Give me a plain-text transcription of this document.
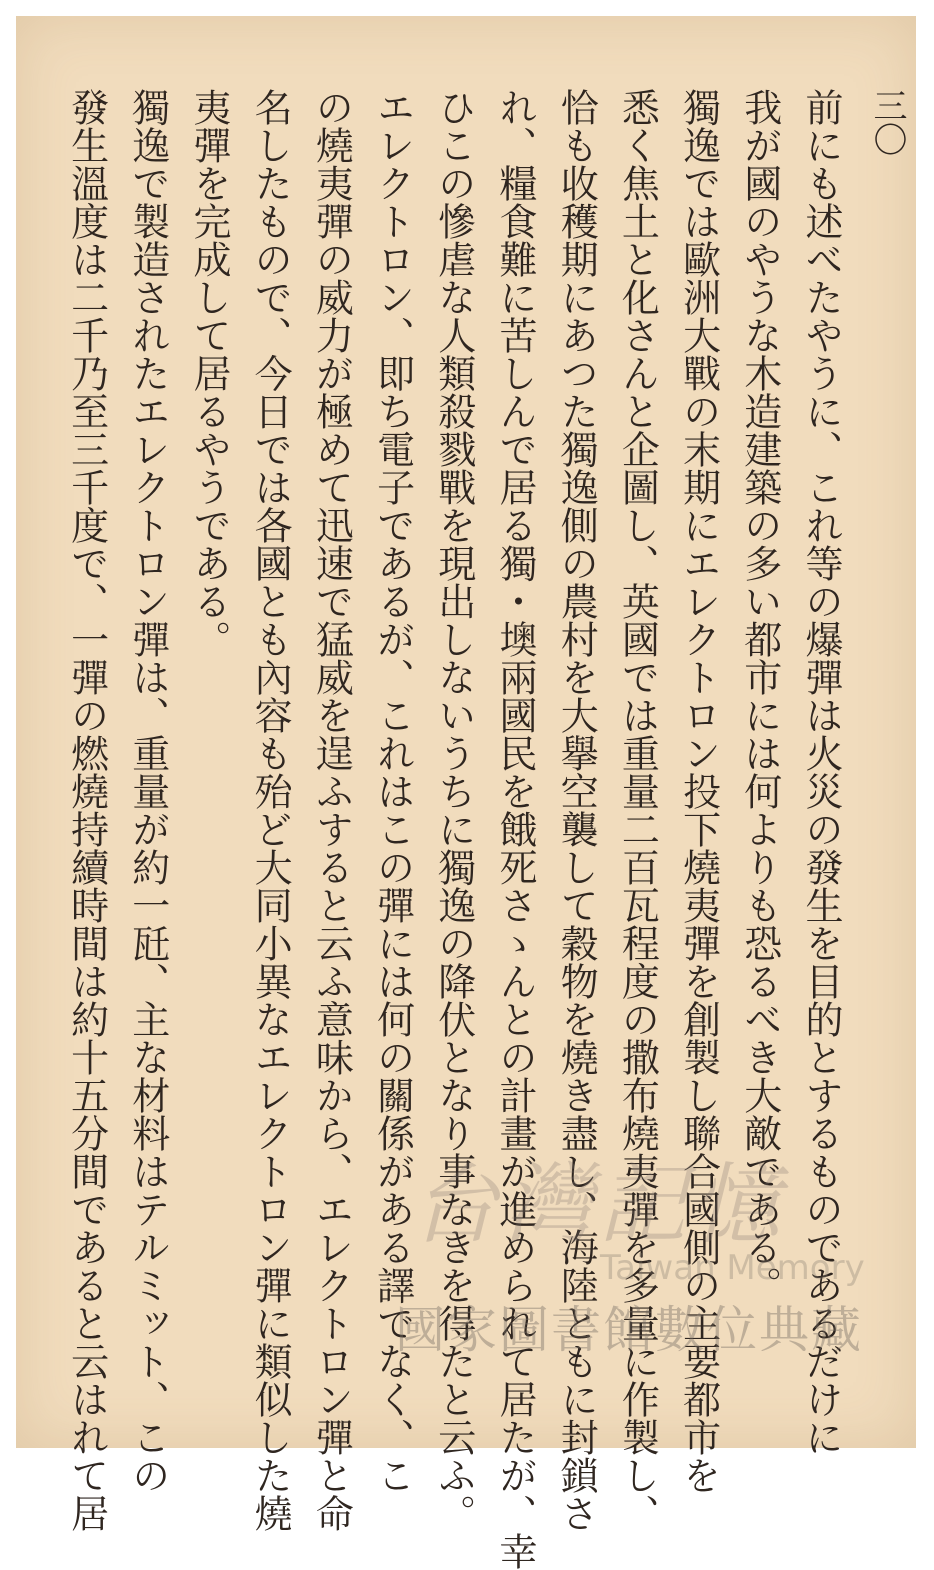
三〇
前にも述べたやうに、これ等の爆彈は火災の發生を目的とするものであるだけに
我が國のやうな木造建築の多い都市には何よりも恐るべき大敵である。
獨逸では歐洲大戰の末期にエレクトロン投下燒夷彈を創製し聯合國側の主要都市を
悉く焦土と化さんと企圖し、英國では重量二百瓦程度の撒布燒夷彈を多量に作製し、
恰も收穫期にあつた獨逸側の農村を大擧空襲して穀物を燒き盡し、海陸ともに封鎖さ
れ、糧食難に苦しんで居る獨・墺兩國民を餓死さゝんとの計畫が進められて居たが、幸
ひこの慘虐な人類殺戮戰を現出しないうちに獨逸の降伏となり事なきを得たと云ふ。
エレクトロン、即ち電子であるが、これはこの彈には何の關係がある譯でなく、こ
の燒夷彈の威力が極めて迅速で猛威を逞ふすると云ふ意味から、エレクトロン彈と命
名したもので、今日では各國とも內容も殆ど大同小異なエレクトロン彈に類似した燒
夷彈を完成して居るやうである。
獨逸で製造されたエレクトロン彈は、重量が約一瓩、主な材料はテルミット、この
發生溫度は二千乃至三千度で、一彈の燃燒持續時間は約十五分間であると云はれて居	台灣記憶
Taiwan Memory
國家圖書館數位典藏
